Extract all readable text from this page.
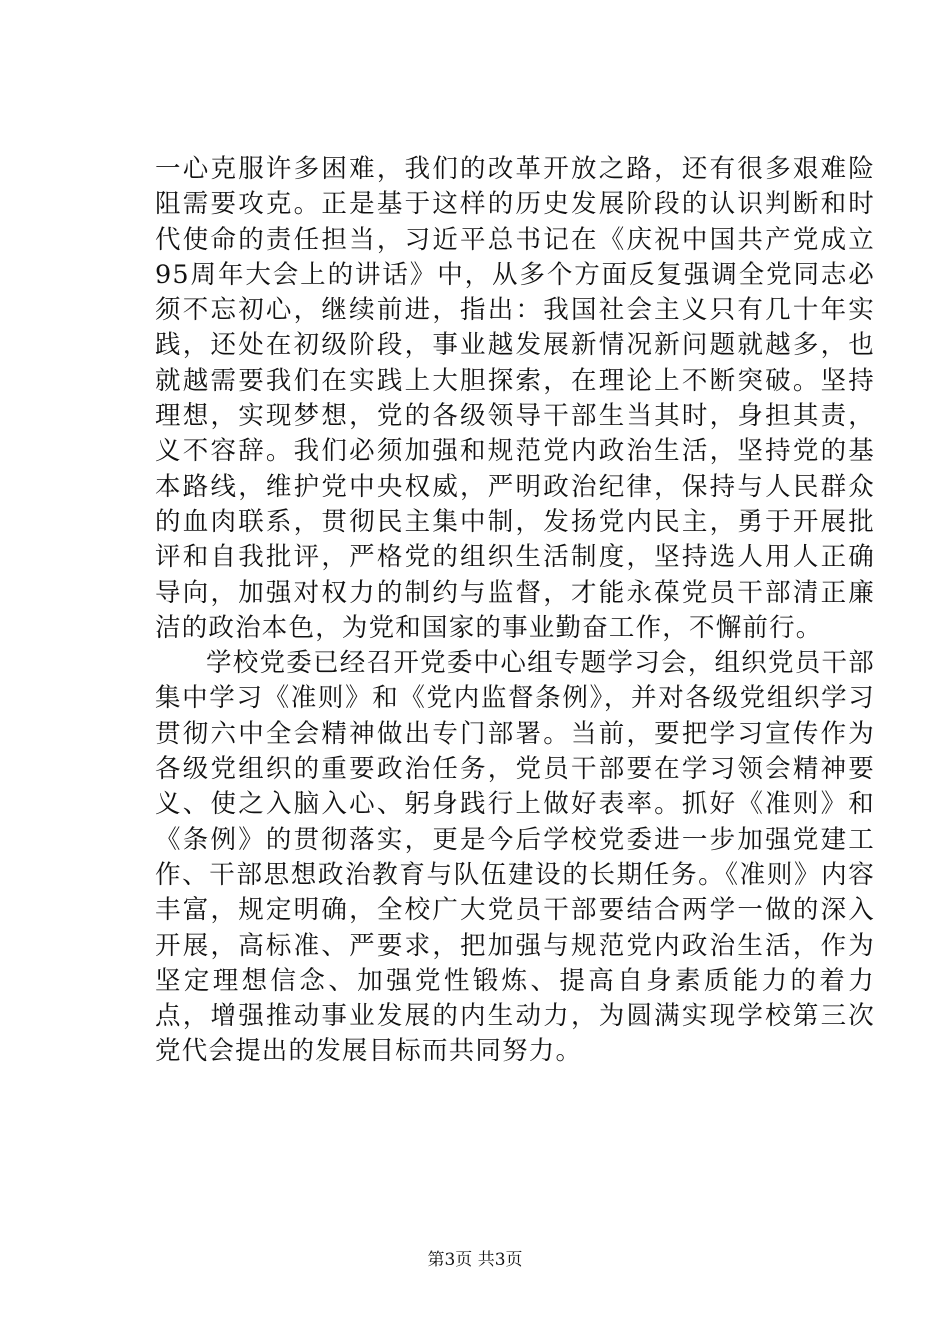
一心克服许多困难，我们的改革开放之路，还有很多艰难险阻需要攻克。正是基于这样的历史发展阶段的认识判断和时代使命的责任担当，习近平总书记在《庆祝中国共产党成立95周年大会上的讲话》中，从多个方面反复强调全党同志必须不忘初心，继续前进，指出：我国社会主义只有几十年实践，还处在初级阶段，事业越发展新情况新问题就越多，也就越需要我们在实践上大胆探索，在理论上不断突破。坚持理想，实现梦想，党的各级领导干部生当其时，身担其责，义不容辞。我们必须加强和规范党内政治生活，坚持党的基本路线，维护党中央权威，严明政治纪律，保持与人民群众的血肉联系，贯彻民主集中制，发扬党内民主，勇于开展批评和自我批评，严格党的组织生活制度，坚持选人用人正确导向，加强对权力的制约与监督，才能永葆党员干部清正廉洁的政治本色，为党和国家的事业勤奋工作，不懈前行。

学校党委已经召开党委中心组专题学习会，组织党员干部集中学习《准则》和《党内监督条例》，并对各级党组织学习贯彻六中全会精神做出专门部署。当前，要把学习宣传作为各级党组织的重要政治任务，党员干部要在学习领会精神要义、使之入脑入心、躬身践行上做好表率。抓好《准则》和《条例》的贯彻落实，更是今后学校党委进一步加强党建工作、干部思想政治教育与队伍建设的长期任务。《准则》内容丰富，规定明确，全校广大党员干部要结合两学一做的深入开展，高标准、严要求，把加强与规范党内政治生活，作为坚定理想信念、加强党性锻炼、提高自身素质能力的着力点，增强推动事业发展的内生动力，为圆满实现学校第三次党代会提出的发展目标而共同努力。

第3页 共3页
